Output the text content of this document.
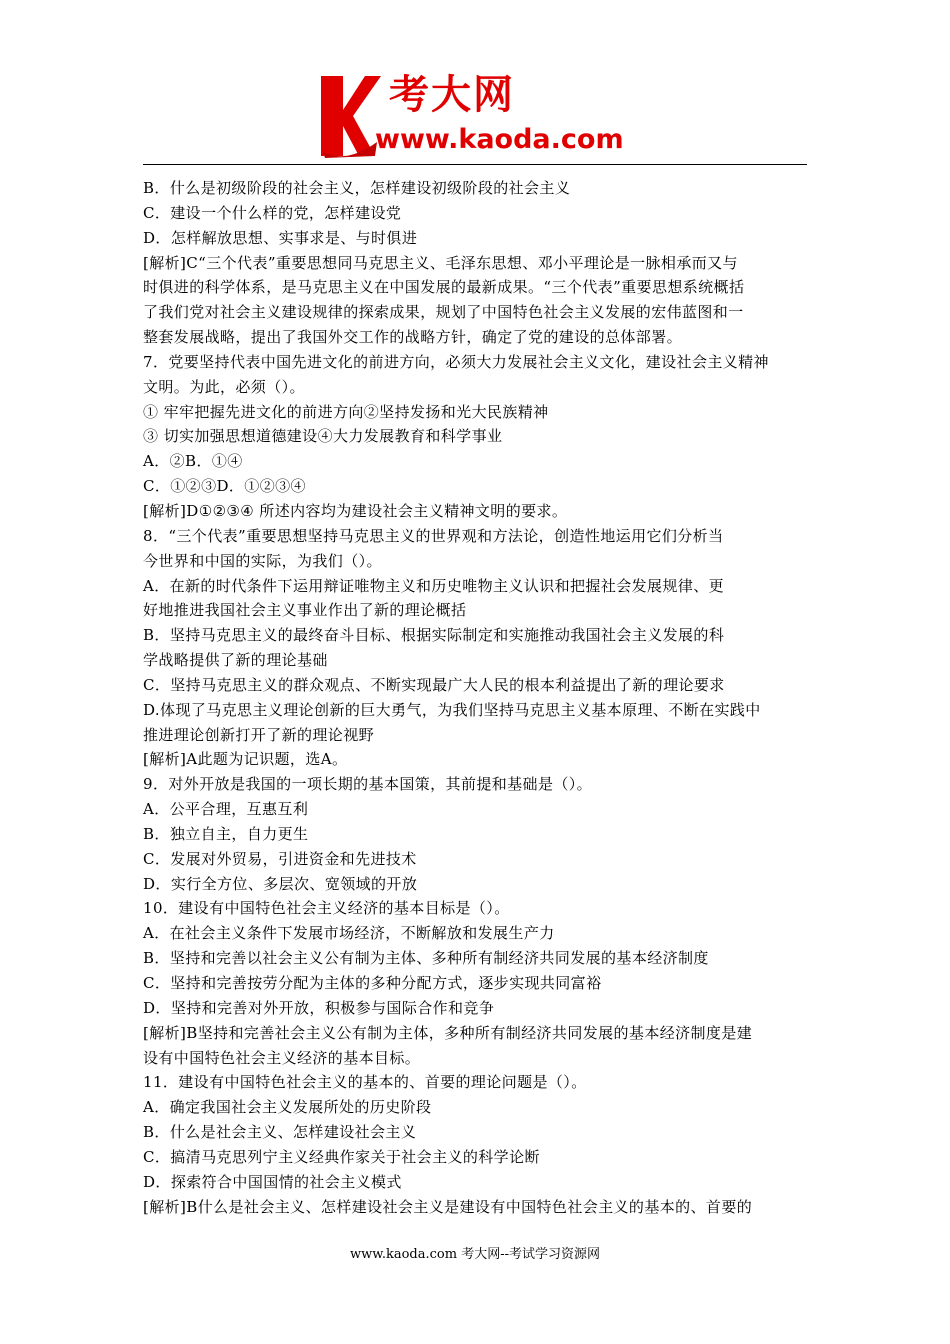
考大网
www.kaoda.com
B．什么是初级阶段的社会主义，怎样建设初级阶段的社会主义
C．建设一个什么样的党，怎样建设党
D．怎样解放思想、实事求是、与时俱进
[解析]C“三个代表”重要思想同马克思主义、毛泽东思想、邓小平理论是一脉相承而又与
时俱进的科学体系，是马克思主义在中国发展的最新成果。“三个代表”重要思想系统概括
了我们党对社会主义建设规律的探索成果，规划了中国特色社会主义发展的宏伟蓝图和一
整套发展战略，提出了我国外交工作的战略方针，确定了党的建设的总体部署。
7．党要坚持代表中国先进文化的前进方向，必须大力发展社会主义文化，建设社会主义精神
文明。为此，必须（）。
① 牢牢把握先进文化的前进方向②坚持发扬和光大民族精神
③ 切实加强思想道德建设④大力发展教育和科学事业
A．②B．①④
C．①②③D．①②③④
[解析]D①②③④ 所述内容均为建设社会主义精神文明的要求。
8．“三个代表”重要思想坚持马克思主义的世界观和方法论，创造性地运用它们分析当
今世界和中国的实际，为我们（）。
A．在新的时代条件下运用辩证唯物主义和历史唯物主义认识和把握社会发展规律、更
好地推进我国社会主义事业作出了新的理论概括
B．坚持马克思主义的最终奋斗目标、根据实际制定和实施推动我国社会主义发展的科
学战略提供了新的理论基础
C．坚持马克思主义的群众观点、不断实现最广大人民的根本利益提出了新的理论要求
D.体现了马克思主义理论创新的巨大勇气，为我们坚持马克思主义基本原理、不断在实践中
推进理论创新打开了新的理论视野
[解析]A此题为记识题，选A。
9．对外开放是我国的一项长期的基本国策，其前提和基础是（）。
A．公平合理，互惠互利
B．独立自主，自力更生
C．发展对外贸易，引进资金和先进技术
D．实行全方位、多层次、宽领域的开放
10．建设有中国特色社会主义经济的基本目标是（）。
A．在社会主义条件下发展市场经济，不断解放和发展生产力
B．坚持和完善以社会主义公有制为主体、多种所有制经济共同发展的基本经济制度
C．坚持和完善按劳分配为主体的多种分配方式，逐步实现共同富裕
D．坚持和完善对外开放，积极参与国际合作和竞争
[解析]B坚持和完善社会主义公有制为主体，多种所有制经济共同发展的基本经济制度是建
设有中国特色社会主义经济的基本目标。
11．建设有中国特色社会主义的基本的、首要的理论问题是（）。
A．确定我国社会主义发展所处的历史阶段
B．什么是社会主义、怎样建设社会主义
C．搞清马克思列宁主义经典作家关于社会主义的科学论断
D．探索符合中国国情的社会主义模式
[解析]B什么是社会主义、怎样建设社会主义是建设有中国特色社会主义的基本的、首要的
www.kaoda.com 考大网--考试学习资源网
